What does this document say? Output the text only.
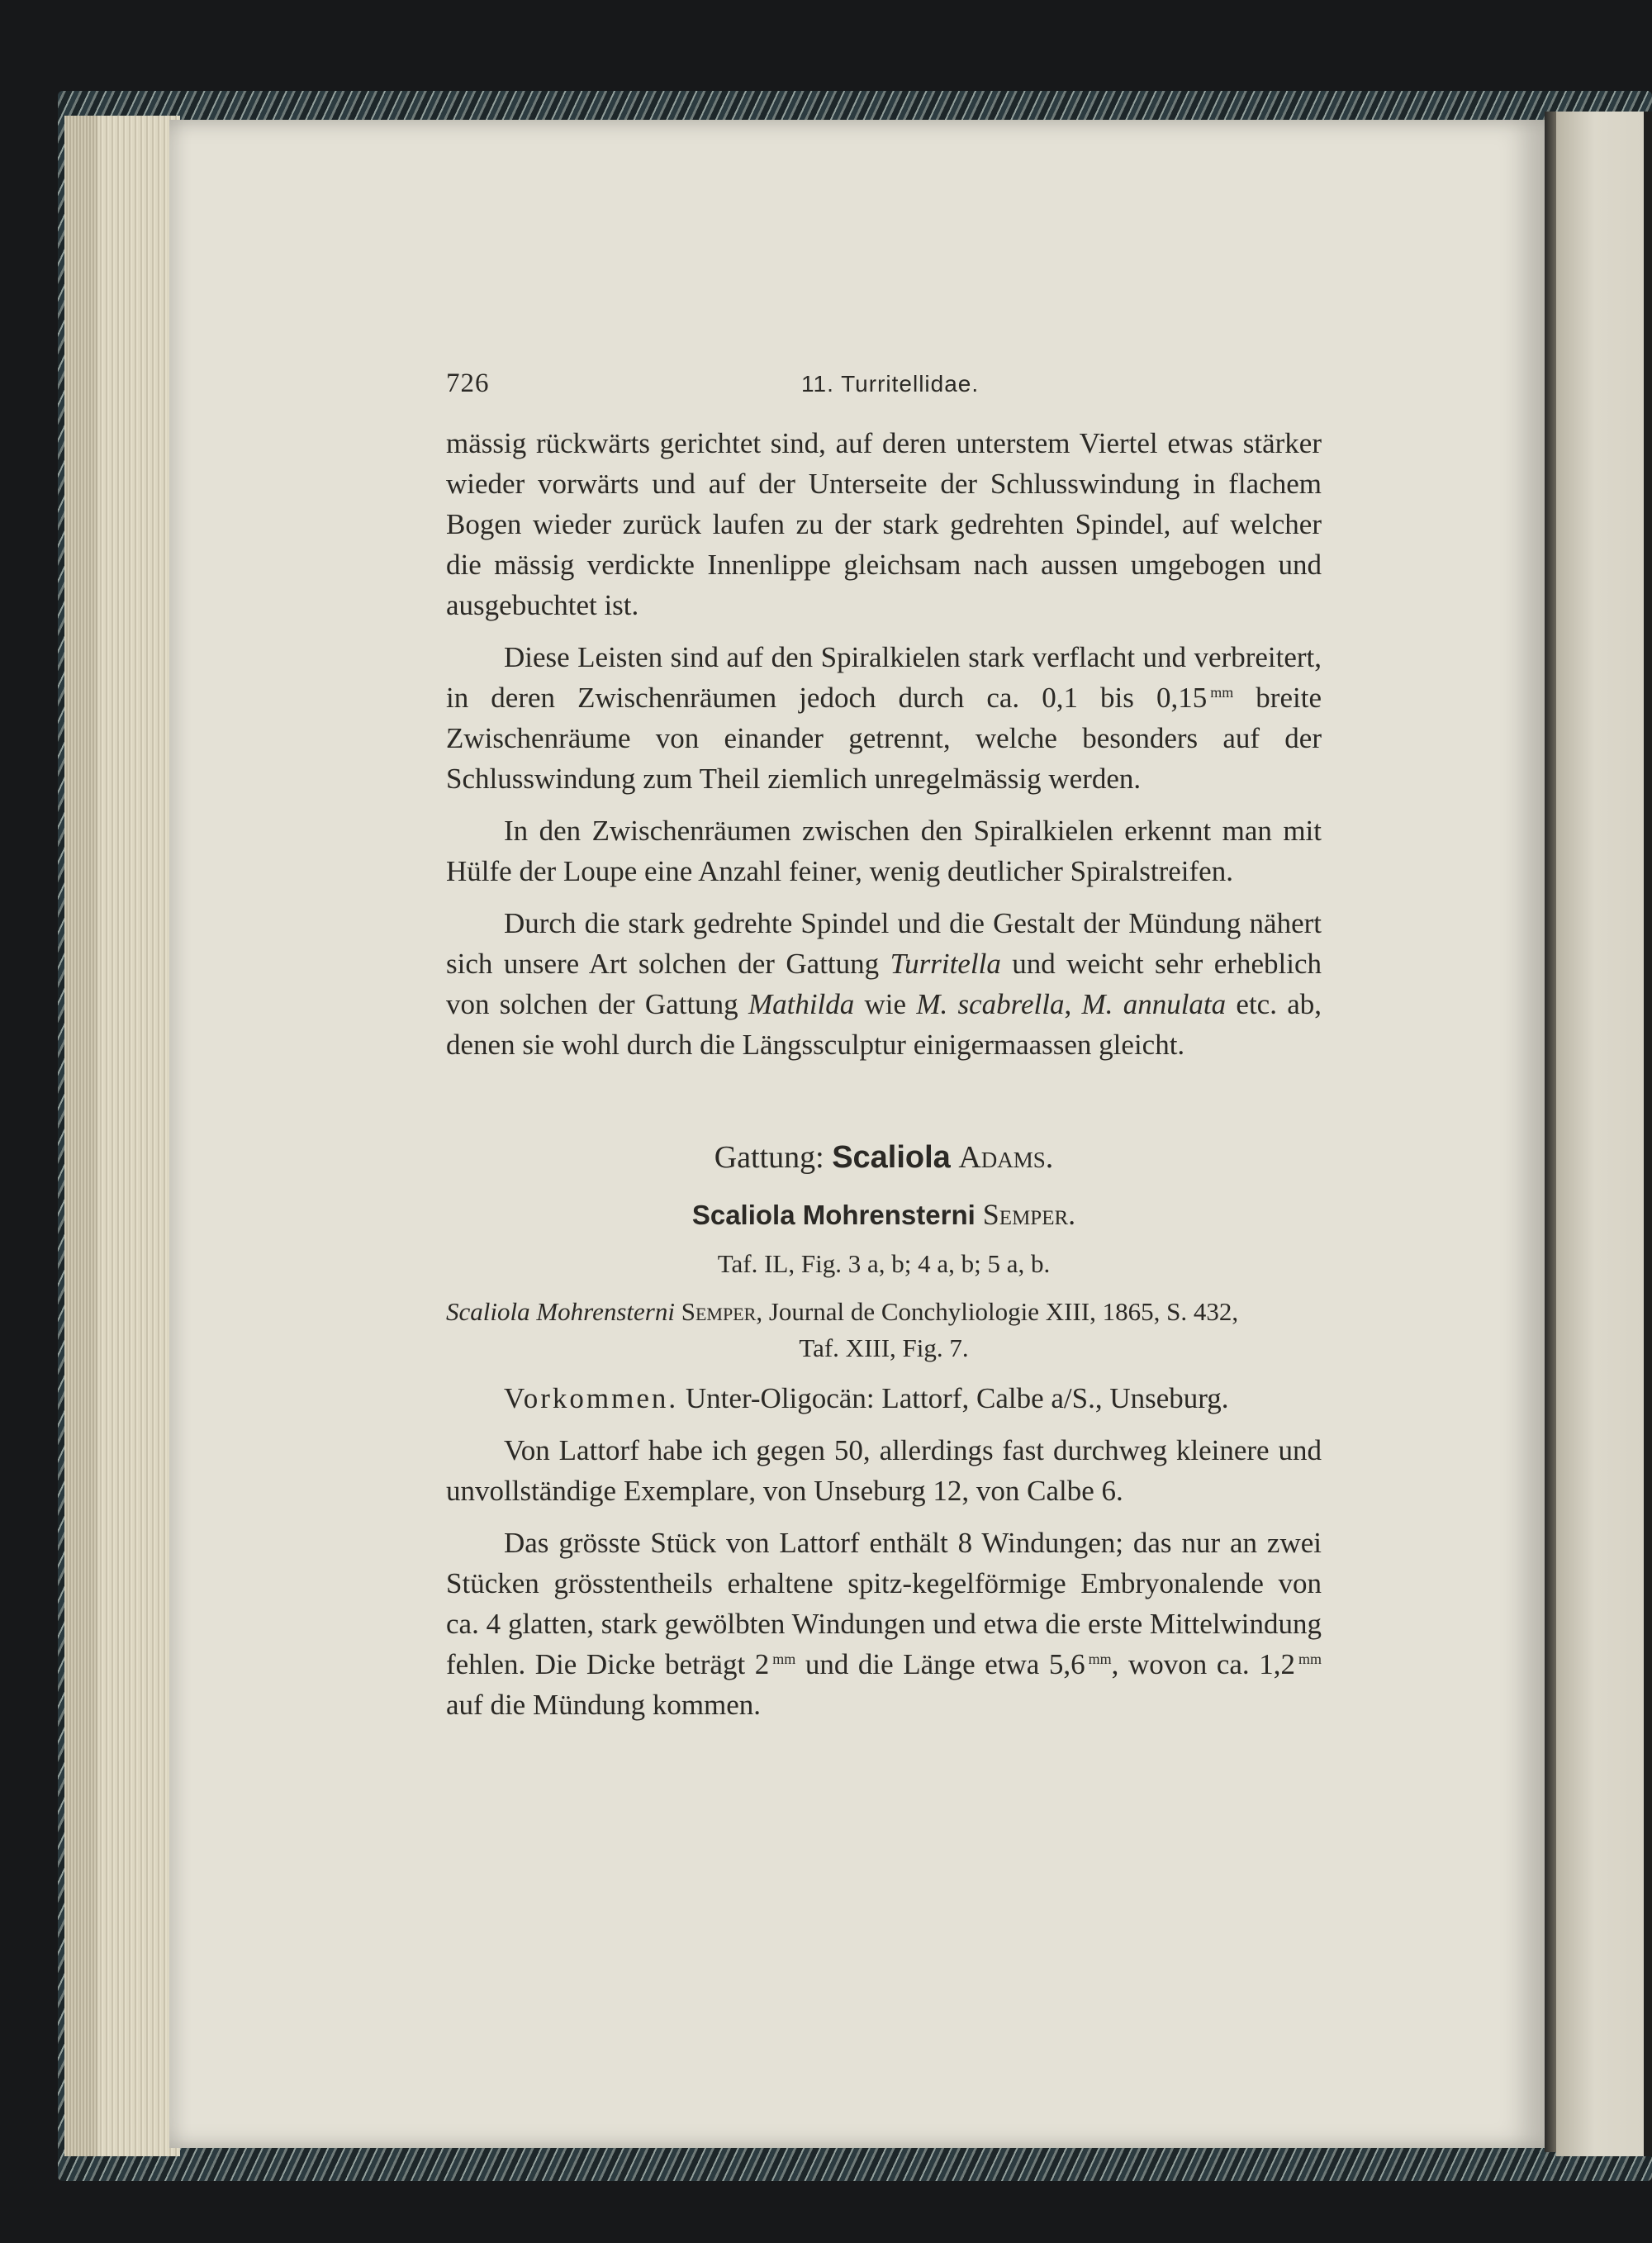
726	11. Turritellidae.

mässig rückwärts gerichtet sind, auf deren unterstem Viertel etwas stärker wieder vorwärts und auf der Unterseite der Schlusswindung in flachem Bogen wieder zurück laufen zu der stark gedrehten Spindel, auf welcher die mässig verdickte Innenlippe gleichsam nach aussen umgebogen und ausgebuchtet ist.

Diese Leisten sind auf den Spiralkielen stark verflacht und verbreitert, in deren Zwischenräumen jedoch durch ca. 0,1 bis 0,15 $^{mm}$ breite Zwischenräume von einander getrennt, welche besonders auf der Schlusswindung zum Theil ziemlich unregelmässig werden.

In den Zwischenräumen zwischen den Spiralkielen erkennt man mit Hülfe der Loupe eine Anzahl feiner, wenig deutlicher Spiralstreifen.

Durch die stark gedrehte Spindel und die Gestalt der Mündung nähert sich unsere Art solchen der Gattung Turritella und weicht sehr erheblich von solchen der Gattung Mathilda wie M. scabrella, M. annulata etc. ab, denen sie wohl durch die Längssculptur einigermaassen gleicht.

Gattung: Scaliola Adams.
Scaliola Mohrensterni Semper.
Taf. IL, Fig. 3 a, b; 4 a, b; 5 a, b.
Scaliola Mohrensterni Semper, Journal de Conchyliologie XIII, 1865, S. 432,
Taf. XIII, Fig. 7.

Vorkommen. Unter-Oligocän: Lattorf, Calbe a/S., Unseburg.

Von Lattorf habe ich gegen 50, allerdings fast durchweg kleinere und unvollständige Exemplare, von Unseburg 12, von Calbe 6.

Das grösste Stück von Lattorf enthält 8 Windungen; das nur an zwei Stücken grösstentheils erhaltene spitz-kegelförmige Embryonalende von ca. 4 glatten, stark gewölbten Windungen und etwa die erste Mittelwindung fehlen. Die Dicke beträgt 2 $^{mm}$ und die Länge etwa 5,6 $^{mm}$, wovon ca. 1,2 $^{mm}$ auf die Mündung kommen.
